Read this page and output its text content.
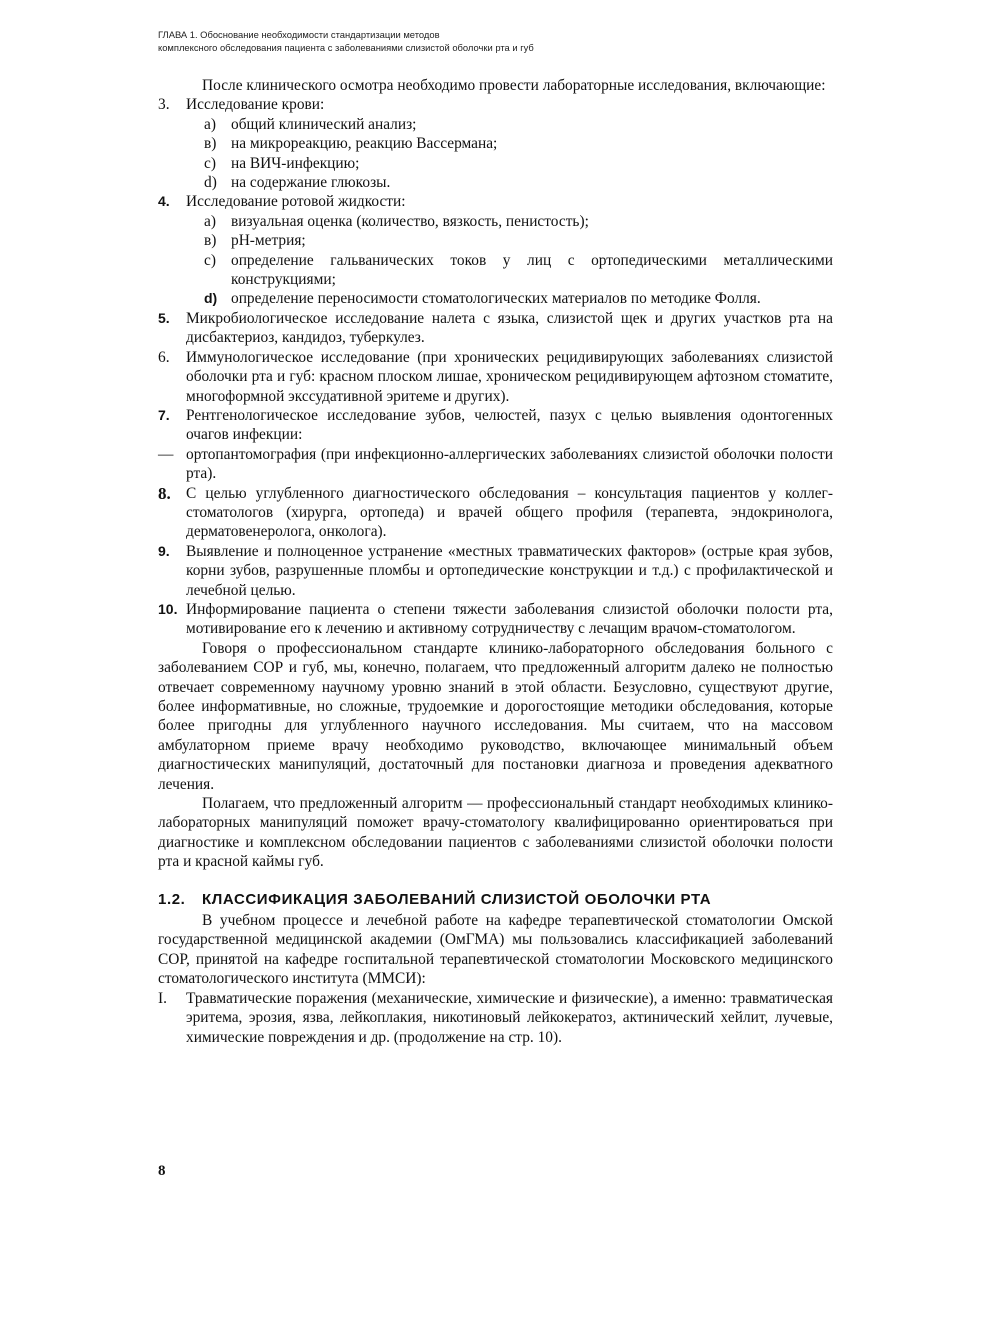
ГЛАВА 1. Обоснование необходимости стандартизации методов
комплексного обследования пациента с заболеваниями слизистой оболочки рта и губ

После клинического осмотра необходимо провести лабораторные исследования, включающие:

3. Исследование крови:
а) общий клинический анализ;
в) на микрореакцию, реакцию Вассермана;
c) на ВИЧ-инфекцию;
d) на содержание глюкозы.
4. Исследование ротовой жидкости:
а) визуальная оценка (количество, вязкость, пенистость);
в) pH-метрия;
c) определение гальванических токов у лиц с ортопедическими металлическими конструкциями;
d) определение переносимости стоматологических материалов по методике Фолля.
5. Микробиологическое исследование налета с языка, слизистой щек и других участков рта на дисбактериоз, кандидоз, туберкулез.
6. Иммунологическое исследование (при хронических рецидивирующих заболеваниях слизистой оболочки рта и губ: красном плоском лишае, хроническом рецидивирующем афтозном стоматите, многоформной экссудативной эритеме и других).
7. Рентгенологическое исследование зубов, челюстей, пазух с целью выявления одонтогенных очагов инфекции:
— ортопантомография (при инфекционно-аллергических заболеваниях слизистой оболочки полости рта).
8. С целью углубленного диагностического обследования – консультация пациентов у коллег-стоматологов (хирурга, ортопеда) и врачей общего профиля (терапевта, эндокринолога, дерматовенеролога, онколога).
9. Выявление и полноценное устранение «местных травматических факторов» (острые края зубов, корни зубов, разрушенные пломбы и ортопедические конструкции и т.д.) с профилактической и лечебной целью.
10. Информирование пациента о степени тяжести заболевания слизистой оболочки полости рта, мотивирование его к лечению и активному сотрудничеству с лечащим врачом-стоматологом.

Говоря о профессиональном стандарте клинико-лабораторного обследования больного с заболеванием СОР и губ, мы, конечно, полагаем, что предложенный алгоритм далеко не полностью отвечает современному научному уровню знаний в этой области. Безусловно, существуют другие, более информативные, но сложные, трудоемкие и дорогостоящие методики обследования, которые более пригодны для углубленного научного исследования. Мы считаем, что на массовом амбулаторном приеме врачу необходимо руководство, включающее минимальный объем диагностических манипуляций, достаточный для постановки диагноза и проведения адекватного лечения.

Полагаем, что предложенный алгоритм — профессиональный стандарт необходимых клинико-лабораторных манипуляций поможет врачу-стоматологу квалифицированно ориентироваться при диагностике и комплексном обследовании пациентов с заболеваниями слизистой оболочки полости рта и красной каймы губ.

1.2. КЛАССИФИКАЦИЯ ЗАБОЛЕВАНИЙ СЛИЗИСТОЙ ОБОЛОЧКИ РТА

В учебном процессе и лечебной работе на кафедре терапевтической стоматологии Омской государственной медицинской академии (ОмГМА) мы пользовались классификацией заболеваний СОР, принятой на кафедре госпитальной терапевтической стоматологии Московского медицинского стоматологического института (ММСИ):

I. Травматические поражения (механические, химические и физические), а именно: травматическая эритема, эрозия, язва, лейкоплакия, никотиновый лейкокератоз, актинический хейлит, лучевые, химические повреждения и др. (продолжение на стр. 10).
8
